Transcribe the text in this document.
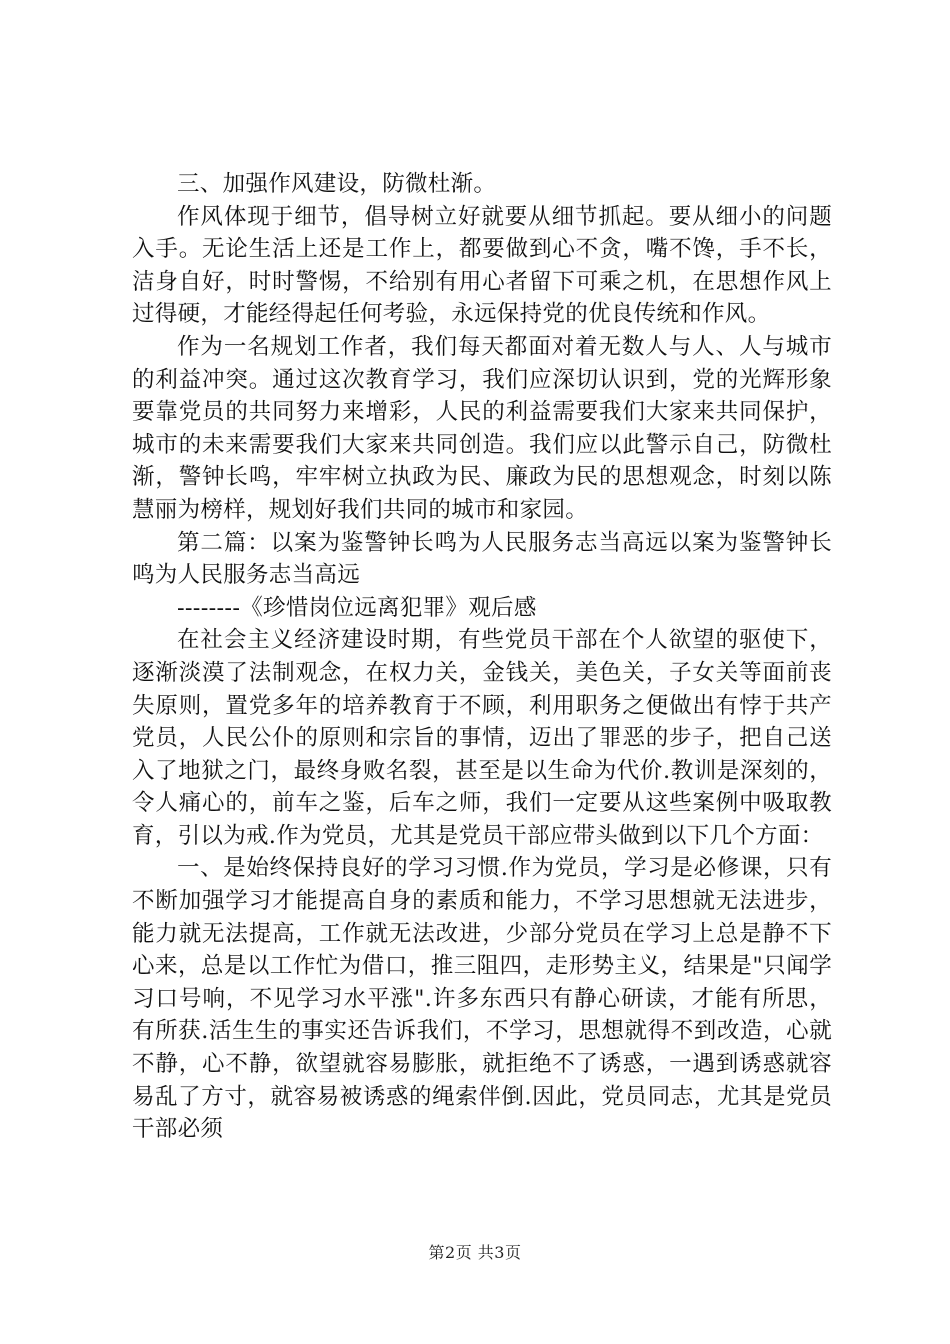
三、加强作风建设，防微杜渐。

作风体现于细节，倡导树立好就要从细节抓起。要从细小的问题入手。无论生活上还是工作上，都要做到心不贪，嘴不馋，手不长，洁身自好，时时警惕，不给别有用心者留下可乘之机，在思想作风上过得硬，才能经得起任何考验，永远保持党的优良传统和作风。

作为一名规划工作者，我们每天都面对着无数人与人、人与城市的利益冲突。通过这次教育学习，我们应深切认识到，党的光辉形象要靠党员的共同努力来增彩，人民的利益需要我们大家来共同保护，城市的未来需要我们大家来共同创造。我们应以此警示自己，防微杜渐，警钟长鸣，牢牢树立执政为民、廉政为民的思想观念，时刻以陈慧丽为榜样，规划好我们共同的城市和家园。

第二篇：以案为鉴警钟长鸣为人民服务志当高远以案为鉴警钟长鸣为人民服务志当高远

--------《珍惜岗位远离犯罪》观后感

在社会主义经济建设时期，有些党员干部在个人欲望的驱使下，逐渐淡漠了法制观念，在权力关，金钱关，美色关，子女关等面前丧失原则，置党多年的培养教育于不顾，利用职务之便做出有悖于共产党员，人民公仆的原则和宗旨的事情，迈出了罪恶的步子，把自己送入了地狱之门，最终身败名裂，甚至是以生命为代价.教训是深刻的，令人痛心的，前车之鉴，后车之师，我们一定要从这些案例中吸取教育，引以为戒.作为党员，尤其是党员干部应带头做到以下几个方面：

一、是始终保持良好的学习习惯.作为党员，学习是必修课，只有不断加强学习才能提高自身的素质和能力，不学习思想就无法进步，能力就无法提高，工作就无法改进，少部分党员在学习上总是静不下心来，总是以工作忙为借口，推三阻四，走形势主义，结果是"只闻学习口号响，不见学习水平涨".许多东西只有静心研读，才能有所思，有所获.活生生的事实还告诉我们，不学习，思想就得不到改造，心就不静，心不静，欲望就容易膨胀，就拒绝不了诱惑，一遇到诱惑就容易乱了方寸，就容易被诱惑的绳索伴倒.因此，党员同志，尤其是党员干部必须

第2页 共3页
